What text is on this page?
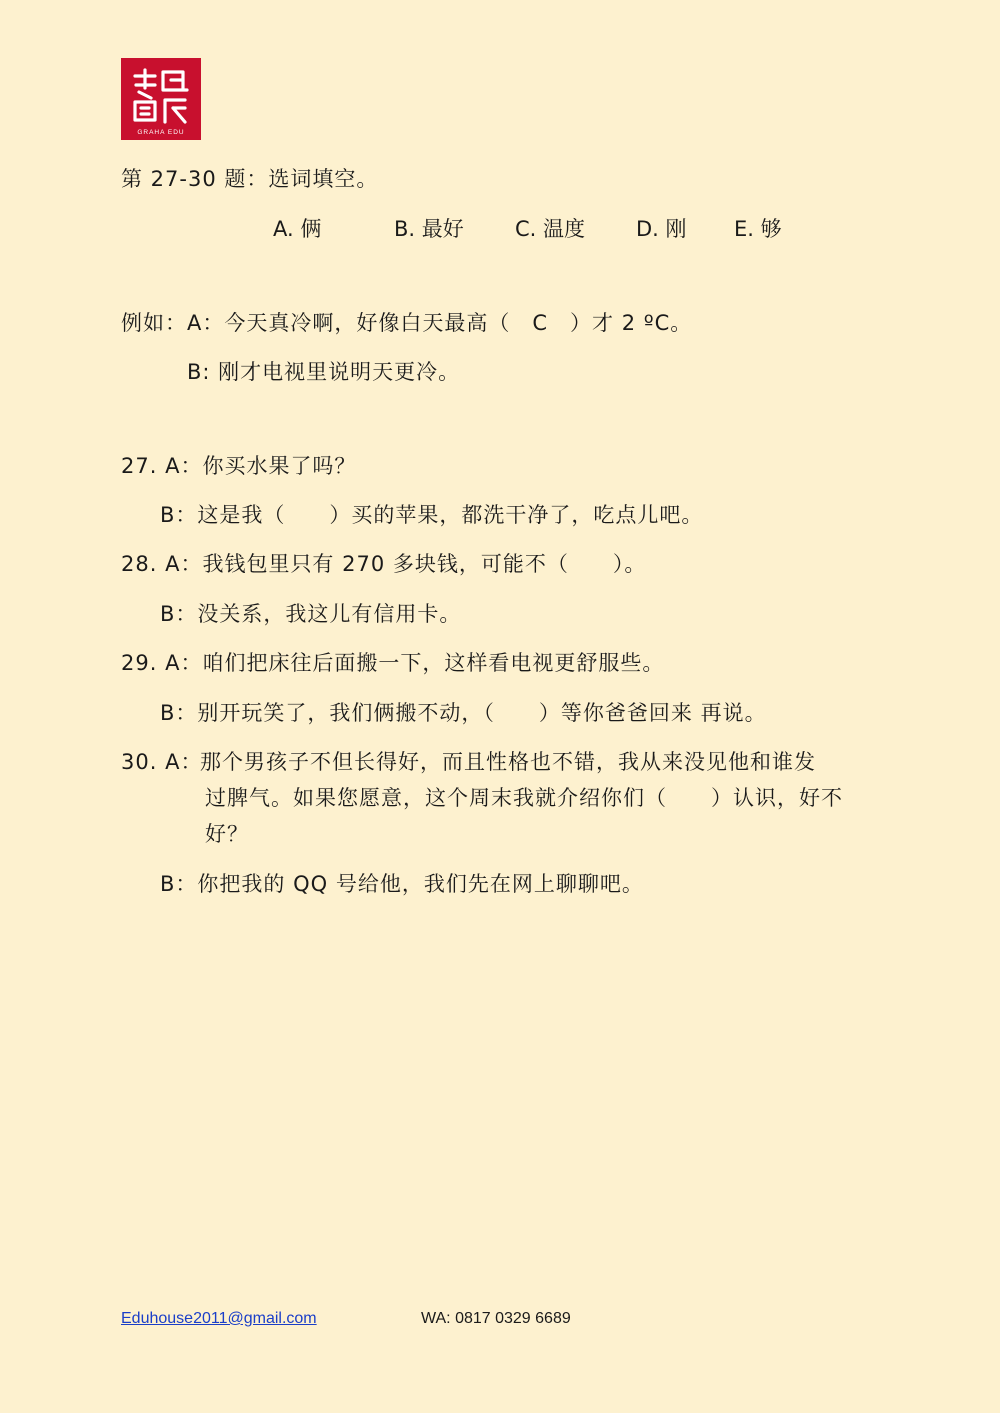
GRAHA EDU
第 27-30 题：选词填空。
A. 俩	B. 最好 C. 温度 D. 刚 E. 够
例如：A：今天真冷啊，好像白天最高（　C　）才 2 ºC。
B: 刚才电视里说明天更冷。
27. A：你买水果了吗？
B：这是我（　　）买的苹果，都洗干净了，吃点儿吧。
28. A：我钱包里只有 270 多块钱，可能不（　　）。
B：没关系，我这儿有信用卡。
29. A：咱们把床往后面搬一下，这样看电视更舒服些。
B：别开玩笑了，我们俩搬不动，（　　）等你爸爸回来 再说。
30. A：
那个男孩子不但长得好，而且性格也不错，我从来没见他和谁发
过脾气。如果您愿意，这个周末我就介绍你们（　　）认识，好不
好？
B：你把我的 QQ 号给他，我们先在网上聊聊吧。
Eduhouse2011@gmail.com	WA: 0817 0329 6689
